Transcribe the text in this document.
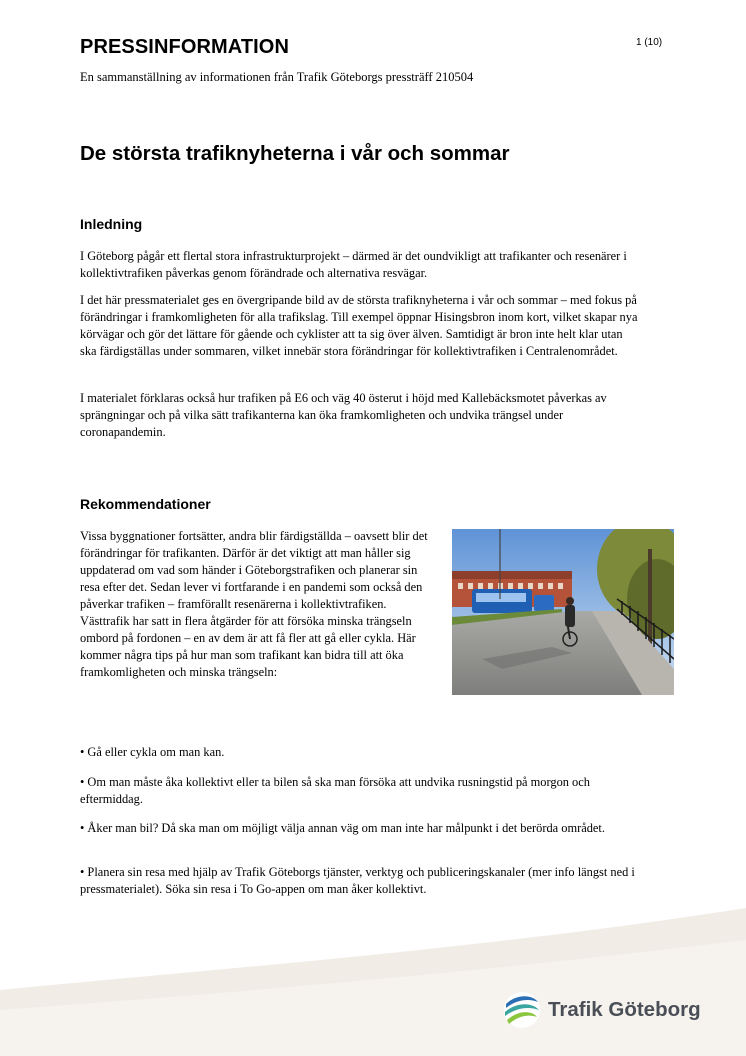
PRESSINFORMATION	1 (10)
En sammanställning av informationen från Trafik Göteborgs pressträff 210504
De största trafiknyheterna i vår och sommar
Inledning

I Göteborg pågår ett flertal stora infrastrukturprojekt – därmed är det oundvikligt att trafikanter och resenärer i kollektivtrafiken påverkas genom förändrade och alternativa resvägar.

I det här pressmaterialet ges en övergripande bild av de största trafiknyheterna i vår och sommar – med fokus på förändringar i framkomligheten för alla trafikslag. Till exempel öppnar Hisingsbron inom kort, vilket skapar nya körvägar och gör det lättare för gående och cyklister att ta sig över älven. Samtidigt är bron inte helt klar utan ska färdigställas under sommaren, vilket innebär stora förändringar för kollektivtrafiken i Centralenområdet.

I materialet förklaras också hur trafiken på E6 och väg 40 österut i höjd med Kallebäcksmotet påverkas av sprängningar och på vilka sätt trafikanterna kan öka framkomligheten och undvika trängsel under coronapandemin.

Rekommendationer

Vissa byggnationer fortsätter, andra blir färdigställda – oavsett blir det förändringar för trafikanten. Därför är det viktigt att man håller sig uppdaterad om vad som händer i Göteborgstrafiken och planerar sin resa efter det. Sedan lever vi fortfarande i en pandemi som också den påverkar trafiken – framförallt resenärerna i kollektivtrafiken. Västtrafik har satt in flera åtgärder för att försöka minska trängseln ombord på fordonen – en av dem är att få fler att gå eller cykla. Här kommer några tips på hur man som trafikant kan bidra till att öka framkomligheten och minska trängseln:

• Gå eller cykla om man kan.

• Om man måste åka kollektivt eller ta bilen så ska man försöka att undvika rusningstid på morgon och eftermiddag.

• Åker man bil? Då ska man om möjligt välja annan väg om man inte har målpunkt i det berörda området.

• Planera sin resa med hjälp av Trafik Göteborgs tjänster, verktyg och publiceringskanaler (mer info längst ned i pressmaterialet). Söka sin resa i To Go-appen om man åker kollektivt.

Trafik Göteborg
